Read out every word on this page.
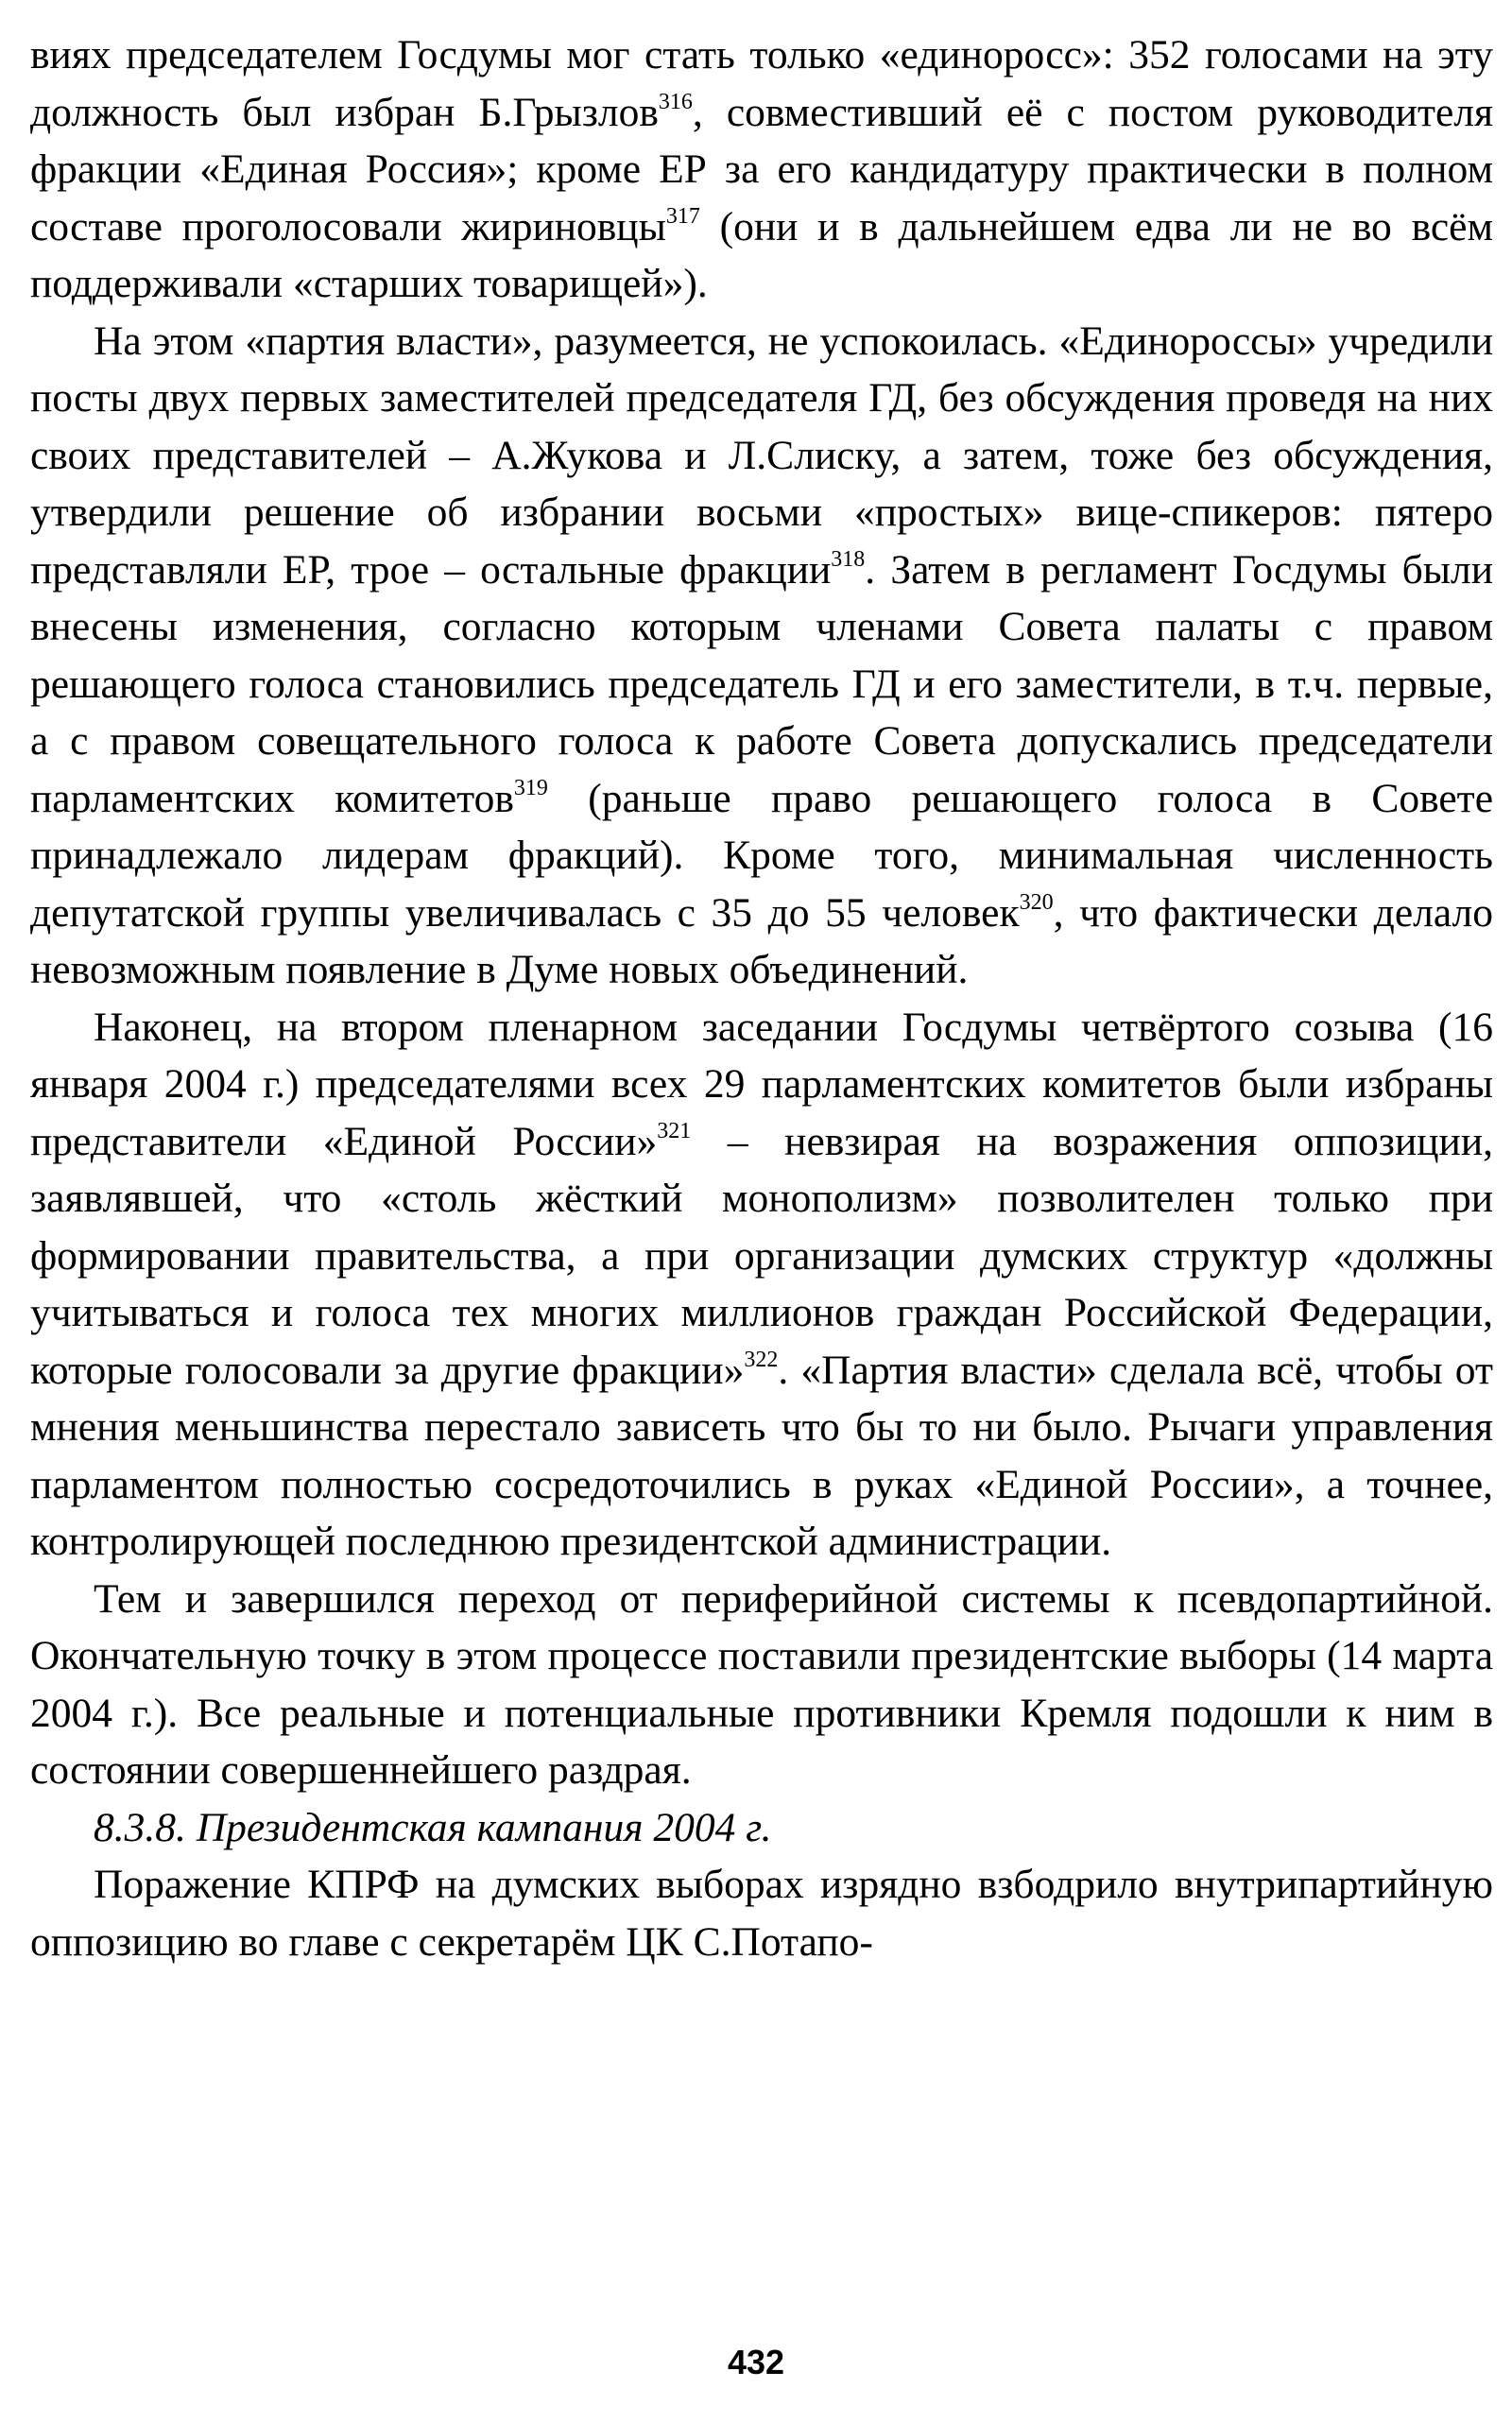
виях председателем Госдумы мог стать только «единоросс»: 352 голосами на эту должность был избран Б.Грызлов$^{316}$, совместивший её с постом руководителя фракции «Единая Россия»; кроме ЕР за его кандидатуру практически в полном составе проголосовали жириновцы$^{317}$ (они и в дальнейшем едва ли не во всём поддерживали «старших товарищей»).

На этом «партия власти», разумеется, не успокоилась. «Единороссы» учредили посты двух первых заместителей председателя ГД, без обсуждения проведя на них своих представителей – А.Жукова и Л.Слиску, а затем, тоже без обсуждения, утвердили решение об избрании восьми «простых» вице-спикеров: пятеро представляли ЕР, трое – остальные фракции$^{318}$. Затем в регламент Госдумы были внесены изменения, согласно которым членами Совета палаты с правом решающего голоса становились председатель ГД и его заместители, в т.ч. первые, а с правом совещательного голоса к работе Совета допускались председатели парламентских комитетов$^{319}$ (раньше право решающего голоса в Совете принадлежало лидерам фракций). Кроме того, минимальная численность депутатской группы увеличивалась с 35 до 55 человек$^{320}$, что фактически делало невозможным появление в Думе новых объединений.

Наконец, на втором пленарном заседании Госдумы четвёртого созыва (16 января 2004 г.) председателями всех 29 парламентских комитетов были избраны представители «Единой России»$^{321}$ – невзирая на возражения оппозиции, заявлявшей, что «столь жёсткий монополизм» позволителен только при формировании правительства, а при организации думских структур «должны учитываться и голоса тех многих миллионов граждан Российской Федерации, которые голосовали за другие фракции»$^{322}$. «Партия власти» сделала всё, чтобы от мнения меньшинства перестало зависеть что бы то ни было. Рычаги управления парламентом полностью сосредоточились в руках «Единой России», а точнее, контролирующей последнюю президентской администрации.

Тем и завершился переход от периферийной системы к псевдопартийной. Окончательную точку в этом процессе поставили президентские выборы (14 марта 2004 г.). Все реальные и потенциальные противники Кремля подошли к ним в состоянии совершеннейшего раздрая.

8.3.8. Президентская кампания 2004 г.

Поражение КПРФ на думских выборах изрядно взбодрило внутрипартийную оппозицию во главе с секретарём ЦК С.Потапо-

432
